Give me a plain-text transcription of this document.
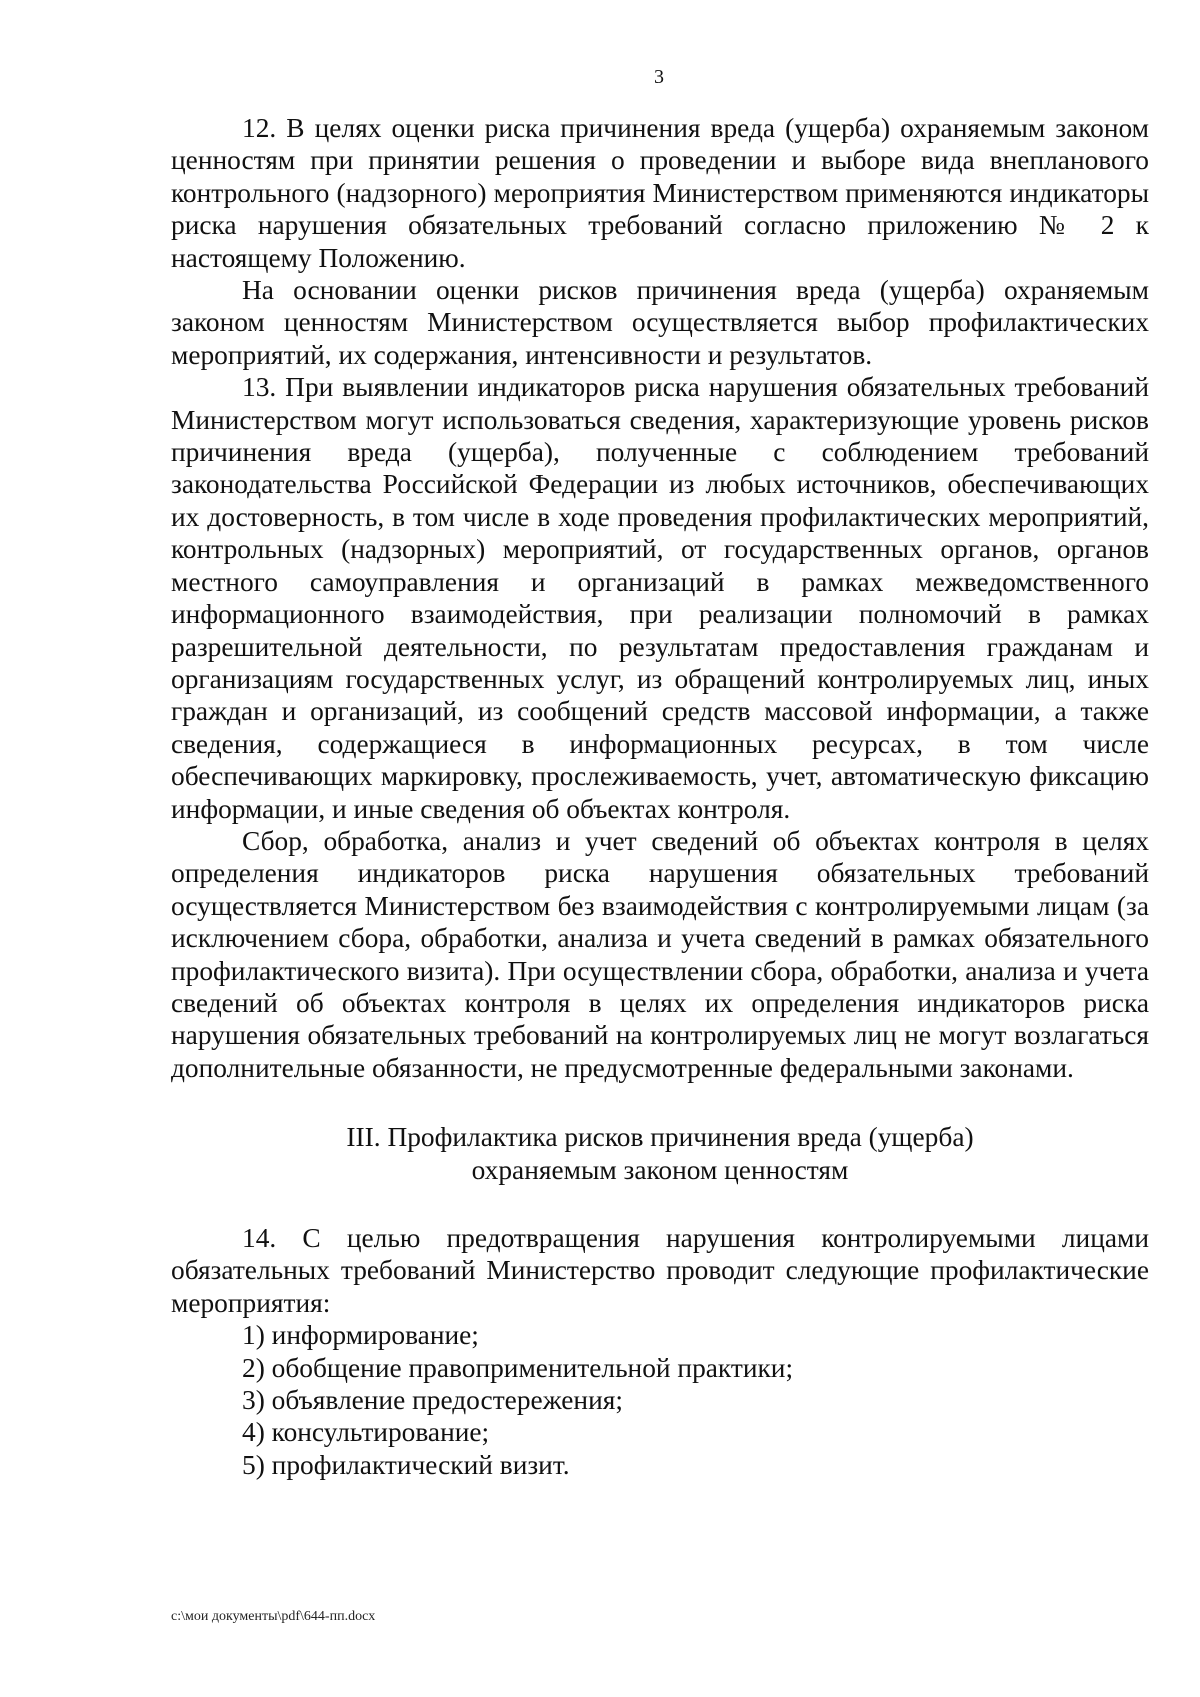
3

12. В целях оценки риска причинения вреда (ущерба) охраняемым законом ценностям при принятии решения о проведении и выборе вида внепланового контрольного (надзорного) мероприятия Министерством применяются индикаторы риска нарушения обязательных требований согласно приложению № 2 к настоящему Положению.

На основании оценки рисков причинения вреда (ущерба) охраняемым законом ценностям Министерством осуществляется выбор профилактических мероприятий, их содержания, интенсивности и результатов.

13. При выявлении индикаторов риска нарушения обязательных требований Министерством могут использоваться сведения, характеризующие уровень рисков причинения вреда (ущерба), полученные с соблюдением требований законодательства Российской Федерации из любых источников, обеспечивающих их достоверность, в том числе в ходе проведения профилактических мероприятий, контрольных (надзорных) мероприятий, от государственных органов, органов местного самоуправления и организаций в рамках межведомственного информационного взаимодействия, при реализации полномочий в рамках разрешительной деятельности, по результатам предоставления гражданам и организациям государственных услуг, из обращений контролируемых лиц, иных граждан и организаций, из сообщений средств массовой информации, а также сведения, содержащиеся в информационных ресурсах, в том числе обеспечивающих маркировку, прослеживаемость, учет, автоматическую фиксацию информации, и иные сведения об объектах контроля.

Сбор, обработка, анализ и учет сведений об объектах контроля в целях определения индикаторов риска нарушения обязательных требований осуществляется Министерством без взаимодействия с контролируемыми лицам (за исключением сбора, обработки, анализа и учета сведений в рамках обязательного профилактического визита). При осуществлении сбора, обработки, анализа и учета сведений об объектах контроля в целях их определения индикаторов риска нарушения обязательных требований на контролируемых лиц не могут возлагаться дополнительные обязанности, не предусмотренные федеральными законами.

III. Профилактика рисков причинения вреда (ущерба)
охраняемым законом ценностям

14. С целью предотвращения нарушения контролируемыми лицами обязательных требований Министерство проводит следующие профилактические мероприятия:

1) информирование;

2) обобщение правоприменительной практики;

3) объявление предостережения;

4) консультирование;

5) профилактический визит.

c:\мои документы\pdf\644-пп.docx
